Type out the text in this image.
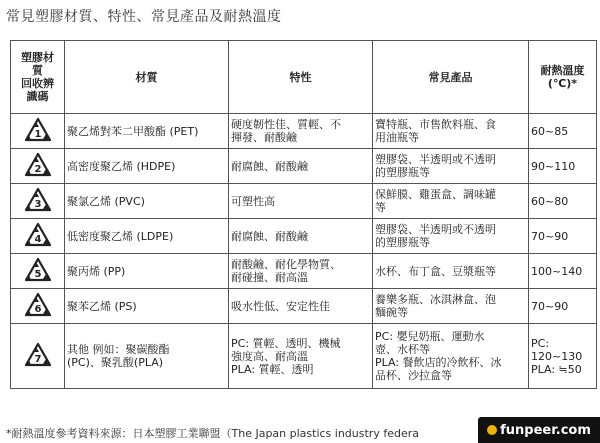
常見塑膠材質、特性、常見產品及耐熱溫度
塑膠材
質
回收辨
識碼	材質	特性	常見產品	耐熱溫度
(℃)*

1	聚乙烯對苯二甲酸酯 (PET)	硬度韌性佳、質輕、不
揮發、耐酸鹼	寶特瓶、市售飲料瓶、食
用油瓶等	60~85

2	高密度聚乙烯 (HDPE)	耐腐蝕、耐酸鹼	塑膠袋、半透明或不透明
的塑膠瓶等	90~110

3	聚氯乙烯 (PVC)	可塑性高	保鮮膜、雞蛋盒、調味罐
等	60~80

4	低密度聚乙烯 (LDPE)	耐腐蝕、耐酸鹼	塑膠袋、半透明或不透明
的塑膠瓶等	70~90

5	聚丙烯 (PP)	耐酸鹼、耐化學物質、
耐碰撞、耐高溫	水杯、布丁盒、豆漿瓶等	100~140

6	聚苯乙烯 (PS)	吸水性低、安定性佳	養樂多瓶、冰淇淋盒、泡
麵碗等	70~90

7	其他 例如：聚碳酸酯
(PC)、聚乳酸(PLA)	PC: 質輕、透明、機械
強度高、耐高溫
PLA: 質輕、透明	PC: 嬰兒奶瓶、運動水
壺、水杯等
PLA: 餐飲店的冷飲杯、冰
品杯、沙拉盒等	PC:
120~130
PLA: ≒50
*耐熱溫度參考資料來源：日本塑膠工業聯盟（The Japan plastics industry federa	funpeer.com
